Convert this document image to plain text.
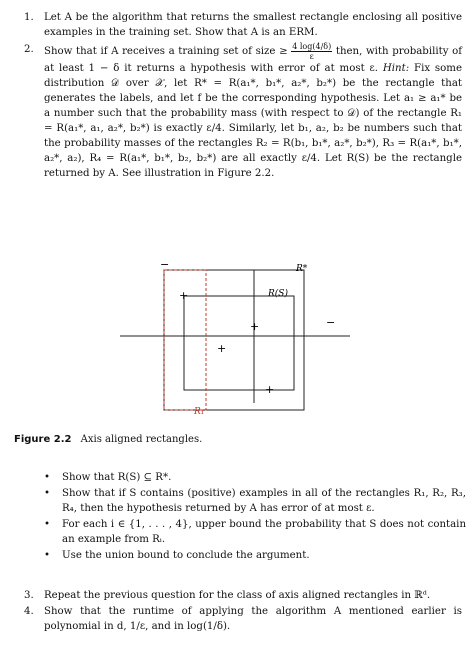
1.	Let A be the algorithm that returns the smallest rectangle enclosing all positive examples in the training set. Show that A is an ERM.
2.	Show that if A receives a training set of size ≥ $\frac{4 \log(4/\delta)}{\varepsilon}$ then, with probability of at least 1 − δ it returns a hypothesis with error of at most ε. Hint: Fix some distribution 𝒟 over 𝒳, let R* = R(a₁*, b₁*, a₂*, b₂*) be the rectangle that generates the labels, and let f be the corresponding hypothesis. Let a₁ ≥ a₁* be a number such that the probability mass (with respect to 𝒟) of the rectangle R₁ = R(a₁*, a₁, a₂*, b₂*) is exactly ε/4. Similarly, let b₁, a₂, b₂ be numbers such that the probability masses of the rectangles R₂ = R(b₁, b₁*, a₂*, b₂*), R₃ = R(a₁*, b₁*, a₂*, a₂), R₄ = R(a₁*, b₁*, b₂, b₂*) are all exactly ε/4. Let R(S) be the rectangle returned by A. See illustration in Figure 2.2.
R*
R(S)
R₁
+
+
+
+
−
−
Figure 2.2 Axis aligned rectangles.
• Show that R(S) ⊆ R*.
• Show that if S contains (positive) examples in all of the rectangles R₁, R₂, R₃, R₄, then the hypothesis returned by A has error of at most ε.
• For each i ∈ {1, . . . , 4}, upper bound the probability that S does not contain an example from Rᵢ.
• Use the union bound to conclude the argument.
3.	Repeat the previous question for the class of axis aligned rectangles in ℝᵈ.
4.	Show that the runtime of applying the algorithm A mentioned earlier is polynomial in d, 1/ε, and in log(1/δ).
